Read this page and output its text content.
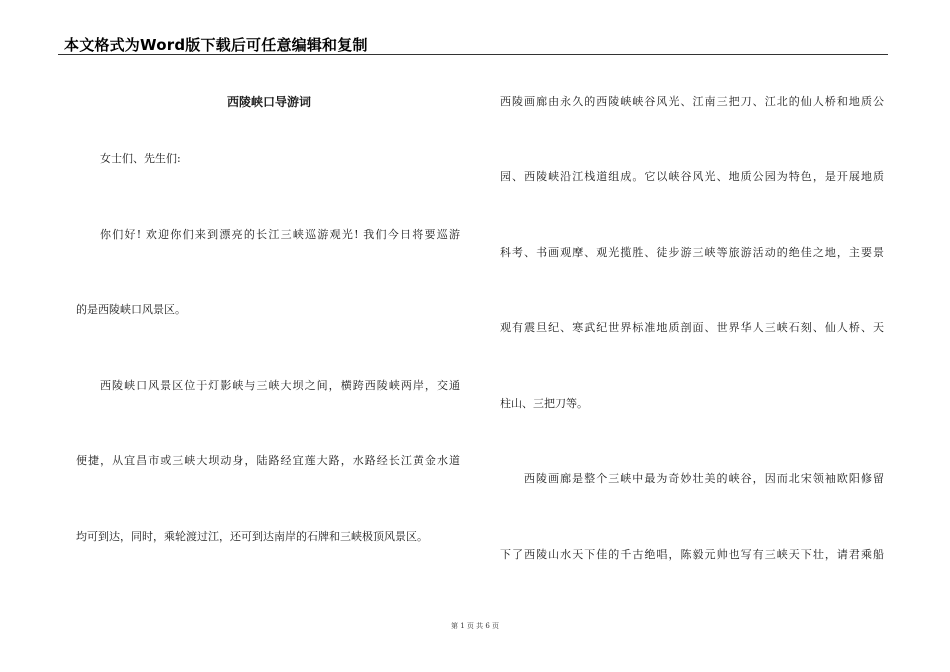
本文格式为Word版下载后可任意编辑和复制
西陵峡口导游词
女士们、先生们:
你们好! 欢迎你们来到漂亮的长江三峡巡游观光! 我们今日将要巡游
的是西陵峡口风景区。
西陵峡口风景区位于灯影峡与三峡大坝之间，横跨西陵峡两岸，交通
便捷，从宜昌市或三峡大坝动身，陆路经宜莲大路，水路经长江黄金水道
均可到达，同时，乘轮渡过江，还可到达南岸的石牌和三峡极顶风景区。
西陵画廊由永久的西陵峡峡谷风光、江南三把刀、江北的仙人桥和地质公
园、西陵峡沿江栈道组成。它以峡谷风光、地质公园为特色，是开展地质
科考、书画观摩、观光揽胜、徒步游三峡等旅游活动的绝佳之地，主要景
观有震旦纪、寒武纪世界标准地质剖面、世界华人三峡石刻、仙人桥、天
柱山、三把刀等。
西陵画廊是整个三峡中最为奇妙壮美的峡谷，因而北宋领袖欧阳修留
下了西陵山水天下佳的千古绝唱，陈毅元帅也写有三峡天下壮，请君乘船
第 1 页 共 6 页
